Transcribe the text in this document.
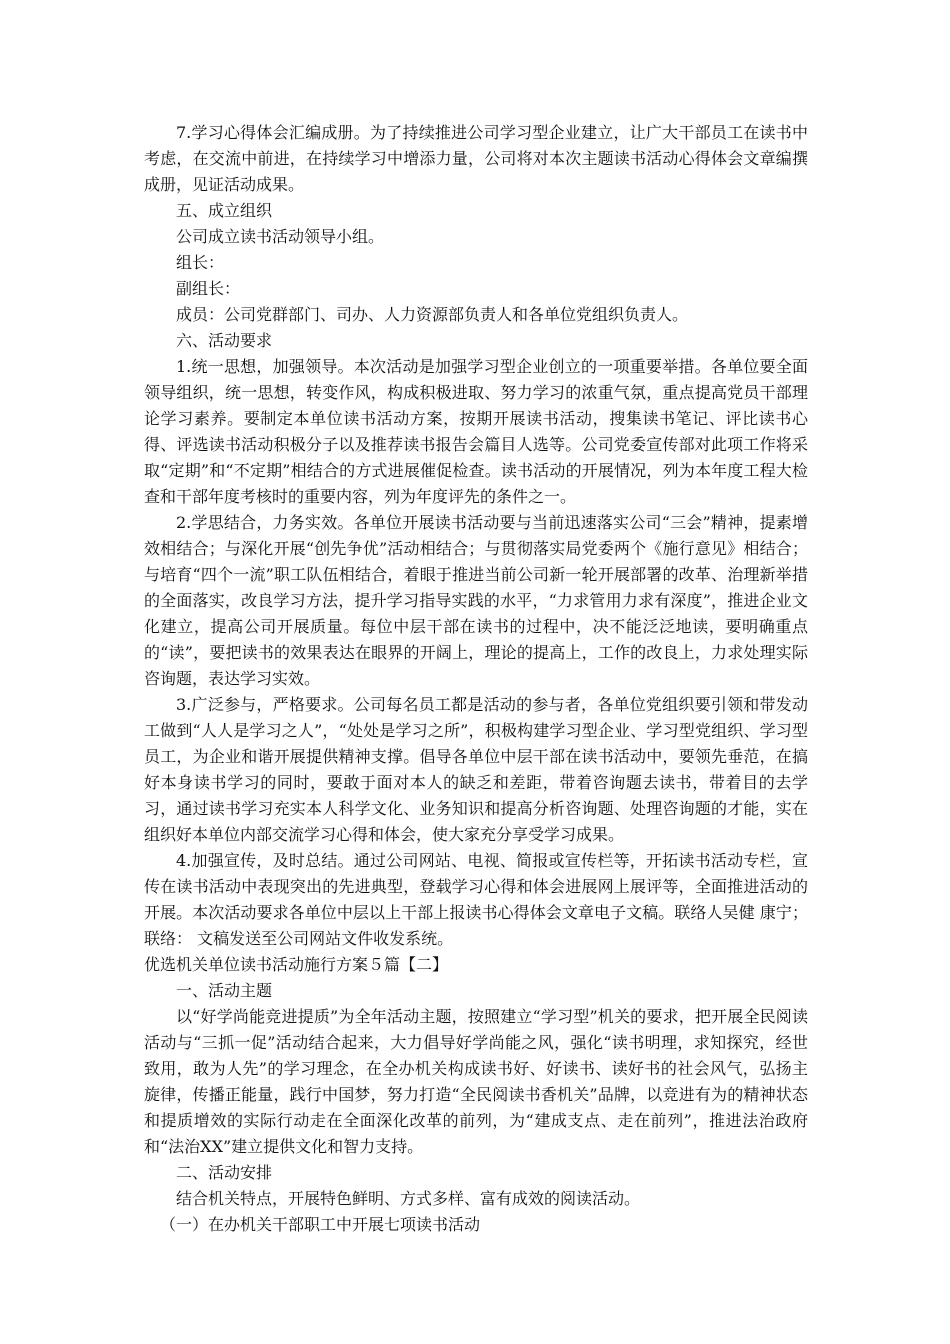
7.学习心得体会汇编成册。为了持续推进公司学习型企业建立，让广大干部员工在读书中考虑，在交流中前进，在持续学习中增添力量，公司将对本次主题读书活动心得体会文章编撰成册，见证活动成果。

五、成立组织

公司成立读书活动领导小组。

组长：

副组长：

成员：公司党群部门、司办、人力资源部负责人和各单位党组织负责人。

六、活动要求

1.统一思想，加强领导。本次活动是加强学习型企业创立的一项重要举措。各单位要全面领导组织，统一思想，转变作风，构成积极进取、努力学习的浓重气氛，重点提高党员干部理论学习素养。要制定本单位读书活动方案，按期开展读书活动，搜集读书笔记、评比读书心得、评选读书活动积极分子以及推荐读书报告会篇目人选等。公司党委宣传部对此项工作将采取“定期”和“不定期”相结合的方式进展催促检查。读书活动的开展情况，列为本年度工程大检查和干部年度考核时的重要内容，列为年度评先的条件之一。

2.学思结合，力务实效。各单位开展读书活动要与当前迅速落实公司“三会”精神，提素增效相结合；与深化开展“创先争优”活动相结合；与贯彻落实局党委两个《施行意见》相结合；与培育“四个一流”职工队伍相结合，着眼于推进当前公司新一轮开展部署的改革、治理新举措的全面落实，改良学习方法，提升学习指导实践的水平，“力求管用力求有深度”，推进企业文化建立，提高公司开展质量。每位中层干部在读书的过程中，决不能泛泛地读，要明确重点的“读”，要把读书的效果表达在眼界的开阔上，理论的提高上，工作的改良上，力求处理实际咨询题，表达学习实效。

3.广泛参与，严格要求。公司每名员工都是活动的参与者，各单位党组织要引领和带发动工做到“人人是学习之人”，“处处是学习之所”，积极构建学习型企业、学习型党组织、学习型员工，为企业和谐开展提供精神支撑。倡导各单位中层干部在读书活动中，要领先垂范，在搞好本身读书学习的同时，要敢于面对本人的缺乏和差距，带着咨询题去读书，带着目的去学习，通过读书学习充实本人科学文化、业务知识和提高分析咨询题、处理咨询题的才能，实在组织好本单位内部交流学习心得和体会，使大家充分享受学习成果。

4.加强宣传，及时总结。通过公司网站、电视、简报或宣传栏等，开拓读书活动专栏，宣传在读书活动中表现突出的先进典型，登载学习心得和体会进展网上展评等，全面推进活动的开展。本次活动要求各单位中层以上干部上报读书心得体会文章电子文稿。联络人吴健 康宁；联络： 文稿发送至公司网站文件收发系统。

优选机关单位读书活动施行方案５篇【二】

一、活动主题

以“好学尚能竞进提质”为全年活动主题，按照建立“学习型”机关的要求，把开展全民阅读活动与“三抓一促”活动结合起来，大力倡导好学尚能之风，强化“读书明理，求知探究，经世致用，敢为人先”的学习理念，在全办机关构成读书好、好读书、读好书的社会风气，弘扬主旋律，传播正能量，践行中国梦，努力打造“全民阅读书香机关”品牌，以竞进有为的精神状态和提质增效的实际行动走在全面深化改革的前列，为“建成支点、走在前列”，推进法治政府和“法治XX”建立提供文化和智力支持。

二、活动安排

结合机关特点，开展特色鲜明、方式多样、富有成效的阅读活动。

（一）在办机关干部职工中开展七项读书活动
